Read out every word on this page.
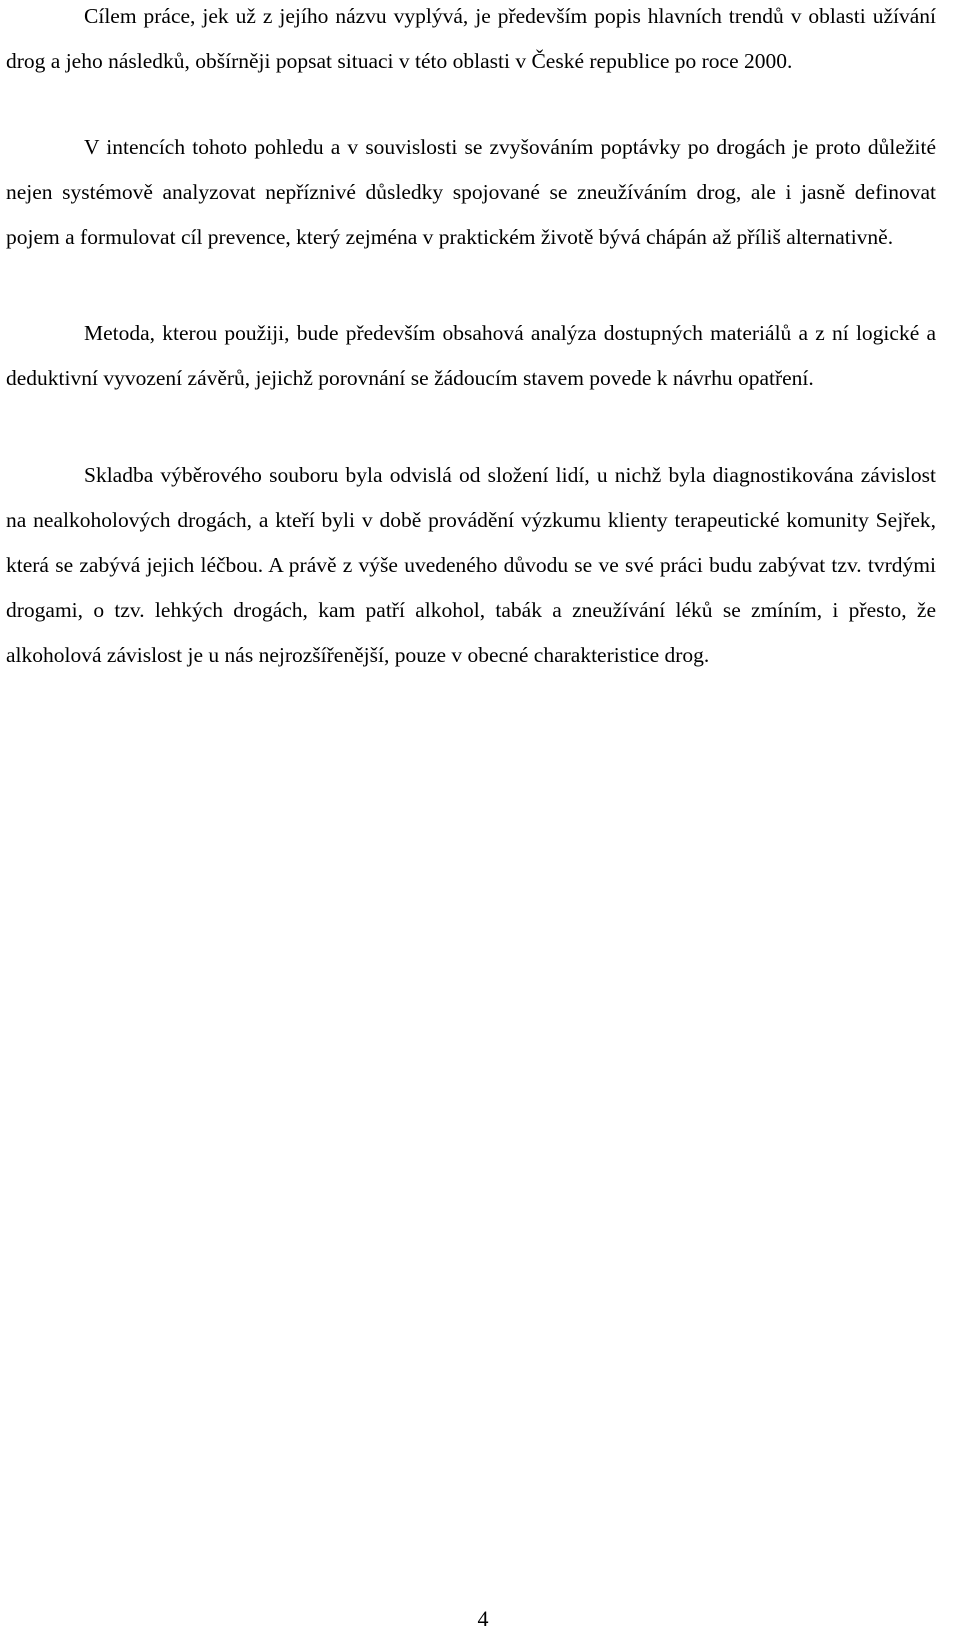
Cílem práce, jek už z jejího názvu vyplývá, je především popis hlavních trendů v oblasti užívání drog a jeho následků, obšírněji popsat situaci v této oblasti v České republice po roce 2000.

V intencích tohoto pohledu a v souvislosti se zvyšováním poptávky po drogách je proto důležité nejen systémově analyzovat nepříznivé důsledky spojované se zneužíváním drog, ale i jasně definovat pojem a formulovat cíl prevence, který zejména v praktickém životě bývá chápán až příliš alternativně.

Metoda, kterou použiji, bude především obsahová analýza dostupných materiálů a z ní logické a deduktivní vyvození závěrů, jejichž porovnání se žádoucím stavem povede k návrhu opatření.

Skladba výběrového souboru byla odvislá od složení lidí, u nichž byla diagnostikována závislost na nealkoholových drogách, a kteří byli v době provádění výzkumu klienty terapeutické komunity Sejřek, která se zabývá jejich léčbou. A právě z výše uvedeného důvodu se ve své práci budu zabývat tzv. tvrdými drogami, o tzv. lehkých drogách, kam patří alkohol, tabák a zneužívání léků se zmíním, i přesto, že alkoholová závislost je u nás nejrozšířenější, pouze v obecné charakteristice drog.

4
